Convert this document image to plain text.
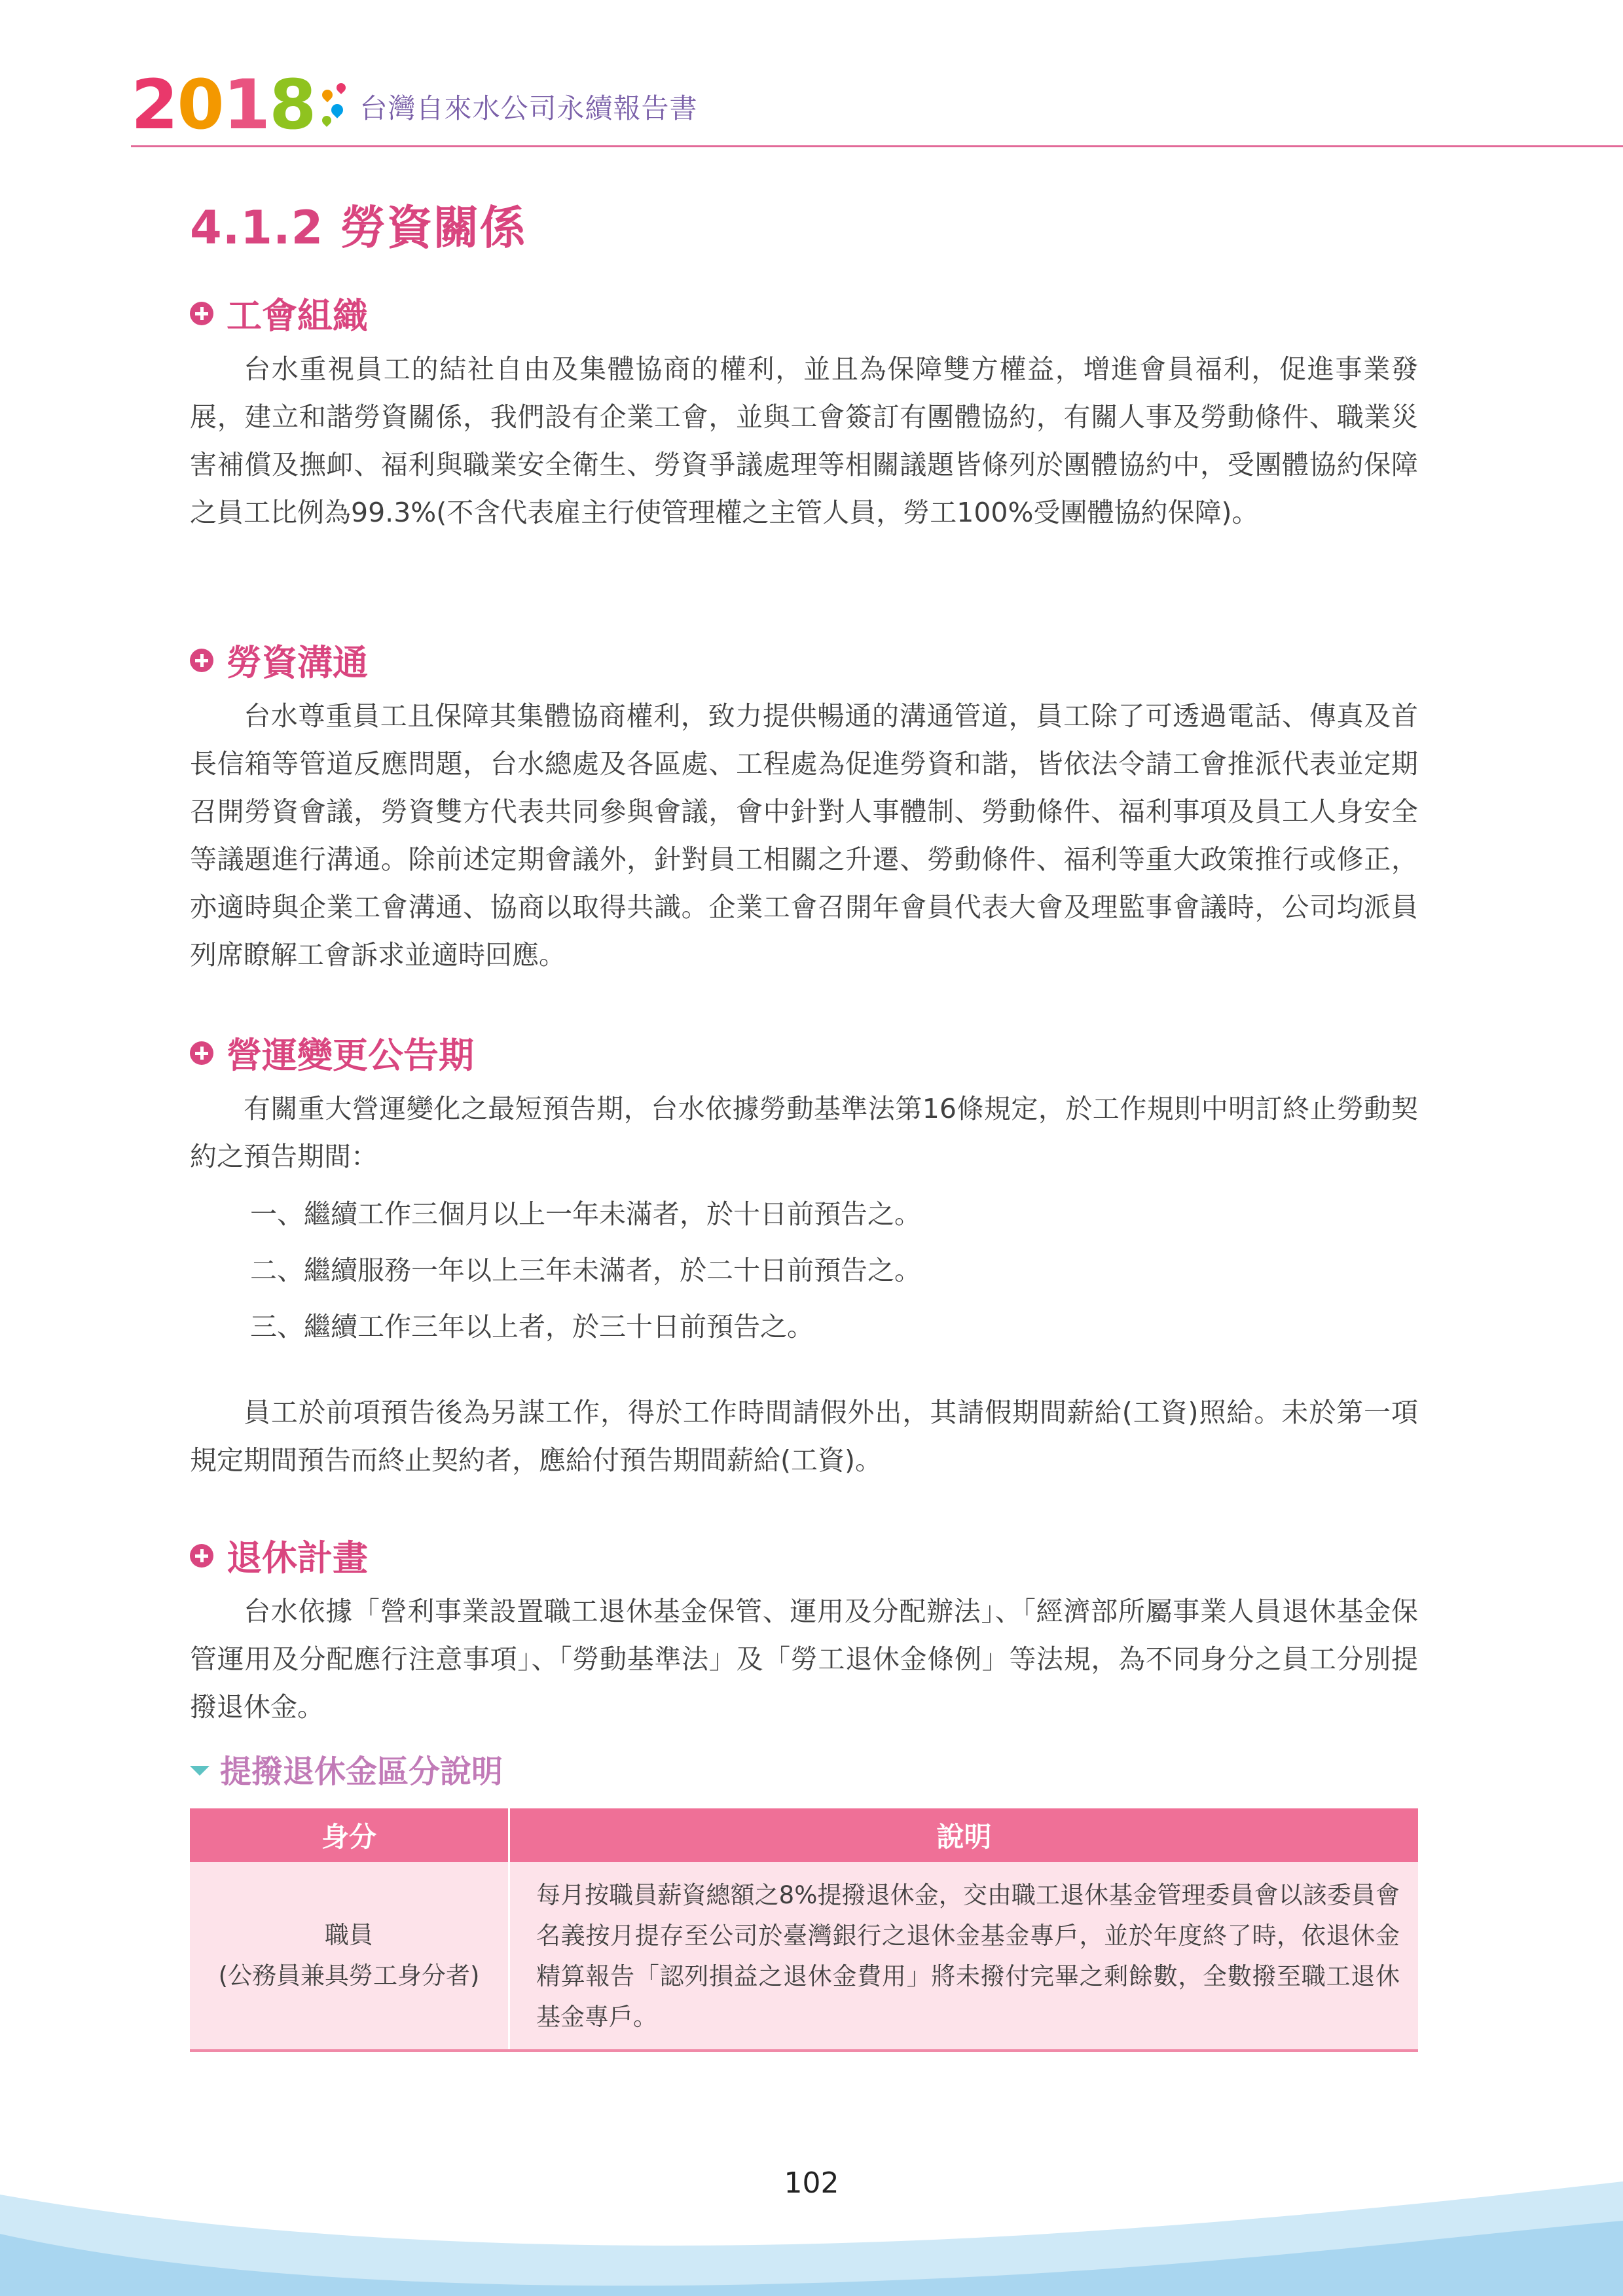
2018 台灣自來水公司永續報告書
4.1.2 勞資關係
工會組織
台水重視員工的結社自由及集體協商的權利，並且為保障雙方權益，增進會員福利，促進事業發展，建立和諧勞資關係，我們設有企業工會，並與工會簽訂有團體協約，有關人事及勞動條件、職業災害補償及撫卹、福利與職業安全衛生、勞資爭議處理等相關議題皆條列於團體協約中，受團體協約保障之員工比例為99.3%(不含代表雇主行使管理權之主管人員，勞工100%受團體協約保障)。
勞資溝通
台水尊重員工且保障其集體協商權利，致力提供暢通的溝通管道，員工除了可透過電話、傳真及首長信箱等管道反應問題，台水總處及各區處、工程處為促進勞資和諧，皆依法令請工會推派代表並定期召開勞資會議，勞資雙方代表共同參與會議，會中針對人事體制、勞動條件、福利事項及員工人身安全等議題進行溝通。除前述定期會議外，針對員工相關之升遷、勞動條件、福利等重大政策推行或修正，亦適時與企業工會溝通、協商以取得共識。企業工會召開年會員代表大會及理監事會議時，公司均派員列席瞭解工會訴求並適時回應。
營運變更公告期
有關重大營運變化之最短預告期，台水依據勞動基準法第16條規定，於工作規則中明訂終止勞動契約之預告期間：
一、繼續工作三個月以上一年未滿者，於十日前預告之。
二、繼續服務一年以上三年未滿者，於二十日前預告之。
三、繼續工作三年以上者，於三十日前預告之。
員工於前項預告後為另謀工作，得於工作時間請假外出，其請假期間薪給(工資)照給。未於第一項規定期間預告而終止契約者，應給付預告期間薪給(工資)。
退休計畫
台水依據「營利事業設置職工退休基金保管、運用及分配辦法」、「經濟部所屬事業人員退休基金保管運用及分配應行注意事項」、「勞動基準法」及「勞工退休金條例」等法規，為不同身分之員工分別提撥退休金。
提撥退休金區分說明
身分	說明

職員
(公務員兼具勞工身分者)	每月按職員薪資總額之8%提撥退休金，交由職工退休基金管理委員會以該委員會名義按月提存至公司於臺灣銀行之退休金基金專戶，並於年度終了時，依退休金精算報告「認列損益之退休金費用」將未撥付完畢之剩餘數，全數撥至職工退休基金專戶。
102
